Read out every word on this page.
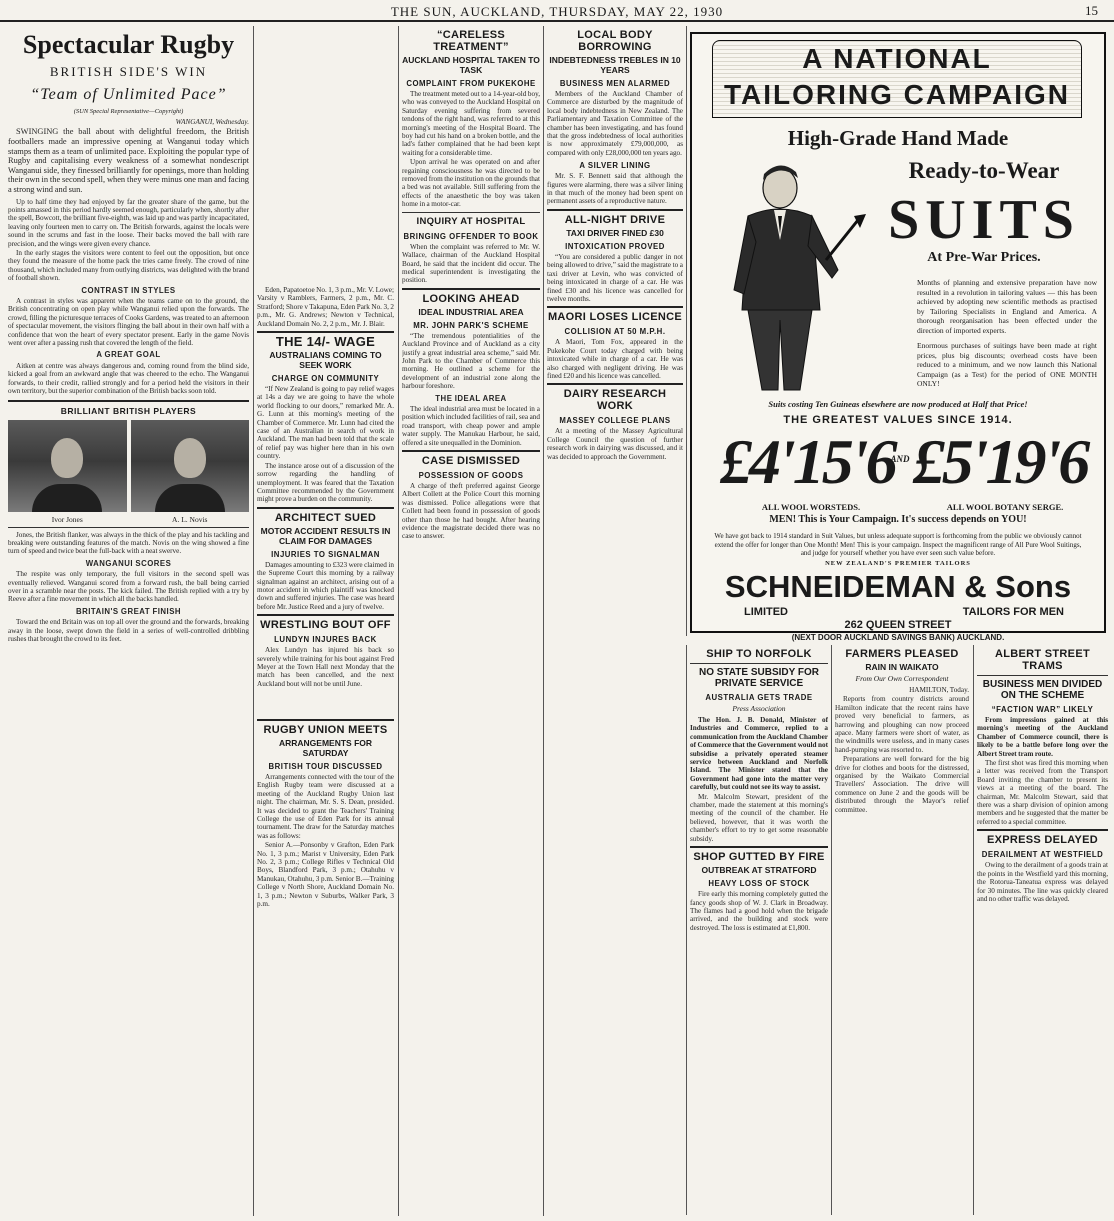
THE SUN, AUCKLAND, THURSDAY, MAY 22, 1930	15
Spectacular Rugby
BRITISH SIDE'S WIN
“Team of Unlimited Pace”
(SUN Special Representative—Copyright)

WANGANUI, Wednesday.

SWINGING the ball about with delightful freedom, the British footballers made an impressive opening at Wanganui today which stamps them as a team of unlimited pace. Exploiting the popular type of Rugby and capitalising every weakness of a somewhat nondescript Wanganui side, they finessed brilliantly for openings, more than holding their own in the second spell, when they were minus one man and facing a strong wind and sun.

Up to half time they had enjoyed by far the greater share of the game, but the points amassed in this period hardly seemed enough, particularly when, shortly after the spell, Bowcott, the brilliant five-eighth, was laid up and was partly incapacitated, leaving only fourteen men to carry on. The British forwards, against the locals were sound in the scrums and fast in the loose. Their backs moved the ball with rare precision, and the wings were given every chance.

In the early stages the visitors were content to feel out the opposition, but once they found the measure of the home pack the tries came freely. The crowd of nine thousand, which included many from outlying districts, was delighted with the brand of football shown.

CONTRAST IN STYLES

A contrast in styles was apparent when the teams came on to the ground, the British concentrating on open play while Wanganui relied upon the forwards. The crowd, filling the picturesque terraces of Cooks Gardens, was treated to an afternoon of spectacular movement, the visitors flinging the ball about in their own half with a confidence that won the heart of every spectator present. Early in the game Novis went over after a passing rush that covered the length of the field.

A GREAT GOAL

Aitken at centre was always dangerous and, coming round from the blind side, kicked a goal from an awkward angle that was cheered to the echo. The Wanganui forwards, to their credit, rallied strongly and for a period held the visitors in their own territory, but the superior combination of the British backs soon told.

BRILLIANT BRITISH PLAYERS
Ivor Jones	A. L. Novis

Jones, the British flanker, was always in the thick of the play and his tackling and breaking were outstanding features of the match. Novis on the wing showed a fine turn of speed and twice beat the full-back with a neat swerve.

WANGANUI SCORES

The respite was only temporary, the full visitors in the second spell was eventually relieved. Wanganui scored from a forward rush, the ball being carried over in a scramble near the posts. The kick failed. The British replied with a try by Reeve after a fine movement in which all the backs handled.

BRITAIN'S GREAT FINISH

Toward the end Britain was on top all over the ground and the forwards, breaking away in the loose, swept down the field in a series of well-controlled dribbling rushes that brought the crowd to its feet.

Eden, Papatoetoe No. 1, 3 p.m., Mr. V. Lowe; Varsity v Ramblers, Farmers, 2 p.m., Mr. C. Stratford; Shore v Takapuna, Eden Park No. 3, 2 p.m., Mr. G. Andrews; Newton v Technical, Auckland Domain No. 2, 2 p.m., Mr. J. Blair.

THE 14/- WAGE
AUSTRALIANS COMING TO SEEK WORK
CHARGE ON COMMUNITY

“If New Zealand is going to pay relief wages at 14s a day we are going to have the whole world flocking to our doors,” remarked Mr. A. G. Lunn at this morning's meeting of the Chamber of Commerce. Mr. Lunn had cited the case of an Australian in search of work in Auckland. The man had been told that the scale of relief pay was higher here than in his own country.

The instance arose out of a discussion of the sorrow regarding the handling of unemployment. It was feared that the Taxation Committee recommended by the Government might prove a burden on the community.

ARCHITECT SUED
MOTOR ACCIDENT RESULTS IN CLAIM FOR DAMAGES
INJURIES TO SIGNALMAN

Damages amounting to £323 were claimed in the Supreme Court this morning by a railway signalman against an architect, arising out of a motor accident in which plaintiff was knocked down and suffered injuries. The case was heard before Mr. Justice Reed and a jury of twelve.

WRESTLING BOUT OFF
LUNDYN INJURES BACK

Alex Lundyn has injured his back so severely while training for his bout against Fred Meyer at the Town Hall next Monday that the match has been cancelled, and the next Auckland bout will not be until June.

“CARELESS TREATMENT”
AUCKLAND HOSPITAL TAKEN TO TASK
COMPLAINT FROM PUKEKOHE

The treatment meted out to a 14-year-old boy, who was conveyed to the Auckland Hospital on Saturday evening suffering from severed tendons of the right hand, was referred to at this morning's meeting of the Hospital Board. The boy had cut his hand on a broken bottle, and the lad's father complained that he had been kept waiting for a considerable time.

Upon arrival he was operated on and after regaining consciousness he was directed to be removed from the institution on the grounds that a bed was not available. Still suffering from the effects of the anaesthetic the boy was taken home in a motor-car.

INQUIRY AT HOSPITAL
BRINGING OFFENDER TO BOOK

When the complaint was referred to Mr. W. Wallace, chairman of the Auckland Hospital Board, he said that the incident did occur. The medical superintendent is investigating the position.

LOOKING AHEAD
IDEAL INDUSTRIAL AREA
MR. JOHN PARK'S SCHEME

“The tremendous potentialities of the Auckland Province and of Auckland as a city justify a great industrial area scheme,” said Mr. John Park to the Chamber of Commerce this morning. He outlined a scheme for the development of an industrial zone along the harbour foreshore.

THE IDEAL AREA

The ideal industrial area must be located in a position which included facilities of rail, sea and road transport, with cheap power and ample water supply. The Manukau Harbour, he said, offered a site unequalled in the Dominion.

CASE DISMISSED
POSSESSION OF GOODS

A charge of theft preferred against George Albert Collett at the Police Court this morning was dismissed. Police allegations were that Collett had been found in possession of goods other than those he had bought. After hearing evidence the magistrate decided there was no case to answer.

A NATIONAL
TAILORING CAMPAIGN
High-Grade Hand Made
Ready-to-Wear
SUITS
At Pre-War Prices.

Months of planning and extensive preparation have now resulted in a revolution in tailoring values — this has been achieved by adopting new scientific methods as practised by Tailoring Specialists in England and America. A thorough reorganisation has been effected under the direction of imported experts.

Enormous purchases of suitings have been made at right prices, plus big discounts; overhead costs have been reduced to a minimum, and we now launch this National Campaign (as a Test) for the period of ONE MONTH ONLY!

Suits costing Ten Guineas elsewhere are now produced at Half that Price!
THE GREATEST VALUES SINCE 1914.
£4'15'6
AND £5'19'6
ALL WOOL WORSTEDS.	ALL WOOL BOTANY SERGE.
MEN! This is Your Campaign. It's success depends on YOU!
We have got back to 1914 standard in Suit Values, but unless adequate support is forthcoming from the public we obviously cannot extend the offer for longer than One Month! Men! This is your campaign. Inspect the magnificent range of All Pure Wool Suitings, and judge for yourself whether you have ever seen such value before.
NEW ZEALAND'S PREMIER TAILORS
SCHNEIDEMAN & Sons
LIMITED	TAILORS FOR MEN
262 QUEEN STREET
(NEXT DOOR AUCKLAND SAVINGS BANK) AUCKLAND.
SHIP TO NORFOLK
NO STATE SUBSIDY FOR PRIVATE SERVICE
AUSTRALIA GETS TRADE
Press Association

The Hon. J. B. Donald, Minister of Industries and Commerce, replied to a communication from the Auckland Chamber of Commerce that the Government would not subsidise a privately operated steamer service between Auckland and Norfolk Island. The Minister stated that the Government had gone into the matter very carefully, but could not see its way to assist.

Mr. Malcolm Stewart, president of the chamber, made the statement at this morning's meeting of the council of the chamber. He believed, however, that it was worth the chamber's effort to try to get some reasonable subsidy.

SHOP GUTTED BY FIRE
OUTBREAK AT STRATFORD
HEAVY LOSS OF STOCK

Fire early this morning completely gutted the fancy goods shop of W. J. Clark in Broadway. The flames had a good hold when the brigade arrived, and the building and stock were destroyed. The loss is estimated at £1,800.

FARMERS PLEASED
RAIN IN WAIKATO
From Our Own Correspondent

HAMILTON, Today.

Reports from country districts around Hamilton indicate that the recent rains have proved very beneficial to farmers, as harrowing and ploughing can now proceed apace. Many farmers were short of water, as the windmills were useless, and in many cases hand-pumping was resorted to.

Preparations are well forward for the big drive for clothes and boots for the distressed, organised by the Waikato Commercial Travellers' Association. The drive will commence on June 2 and the goods will be distributed through the Mayor's relief committee.

ALBERT STREET TRAMS
BUSINESS MEN DIVIDED ON THE SCHEME
“FACTION WAR” LIKELY

From impressions gained at this morning's meeting of the Auckland Chamber of Commerce council, there is likely to be a battle before long over the Albert Street tram route.

The first shot was fired this morning when a letter was received from the Transport Board inviting the chamber to present its views at a meeting of the board. The chairman, Mr. Malcolm Stewart, said that there was a sharp division of opinion among members and he suggested that the matter be referred to a special committee.

EXPRESS DELAYED
DERAILMENT AT WESTFIELD

Owing to the derailment of a goods train at the points in the Westfield yard this morning, the Rotorua-Taneatua express was delayed for 30 minutes. The line was quickly cleared and no other traffic was delayed.

LOCAL BODY BORROWING
INDEBTEDNESS TREBLES IN 10 YEARS
BUSINESS MEN ALARMED

Members of the Auckland Chamber of Commerce are disturbed by the magnitude of local body indebtedness in New Zealand. The Parliamentary and Taxation Committee of the chamber has been investigating, and has found that the gross indebtedness of local authorities is now approximately £79,000,000, as compared with only £28,000,000 ten years ago.

A SILVER LINING

Mr. S. F. Bennett said that although the figures were alarming, there was a silver lining in that much of the money had been spent on permanent assets of a reproductive nature.

ALL-NIGHT DRIVE
TAXI DRIVER FINED £30
INTOXICATION PROVED

“You are considered a public danger in not being allowed to drive,” said the magistrate to a taxi driver at Levin, who was convicted of being intoxicated in charge of a car. He was fined £30 and his licence was cancelled for twelve months.

MAORI LOSES LICENCE
COLLISION AT 50 M.P.H.

A Maori, Tom Fox, appeared in the Pukekohe Court today charged with being intoxicated while in charge of a car. He was also charged with negligent driving. He was fined £20 and his licence was cancelled.

DAIRY RESEARCH WORK
MASSEY COLLEGE PLANS

At a meeting of the Massey Agricultural College Council the question of further research work in dairying was discussed, and it was decided to approach the Government.

RUGBY UNION MEETS
ARRANGEMENTS FOR SATURDAY
BRITISH TOUR DISCUSSED

Arrangements connected with the tour of the English Rugby team were discussed at a meeting of the Auckland Rugby Union last night. The chairman, Mr. S. S. Dean, presided. It was decided to grant the Teachers' Training College the use of Eden Park for its annual tournament. The draw for the Saturday matches was as follows:

Senior A.—Ponsonby v Grafton, Eden Park No. 1, 3 p.m.; Marist v University, Eden Park No. 2, 3 p.m.; College Rifles v Technical Old Boys, Blandford Park, 3 p.m.; Otahuhu v Manukau, Otahuhu, 3 p.m. Senior B.—Training College v North Shore, Auckland Domain No. 1, 3 p.m.; Newton v Suburbs, Walker Park, 3 p.m.
